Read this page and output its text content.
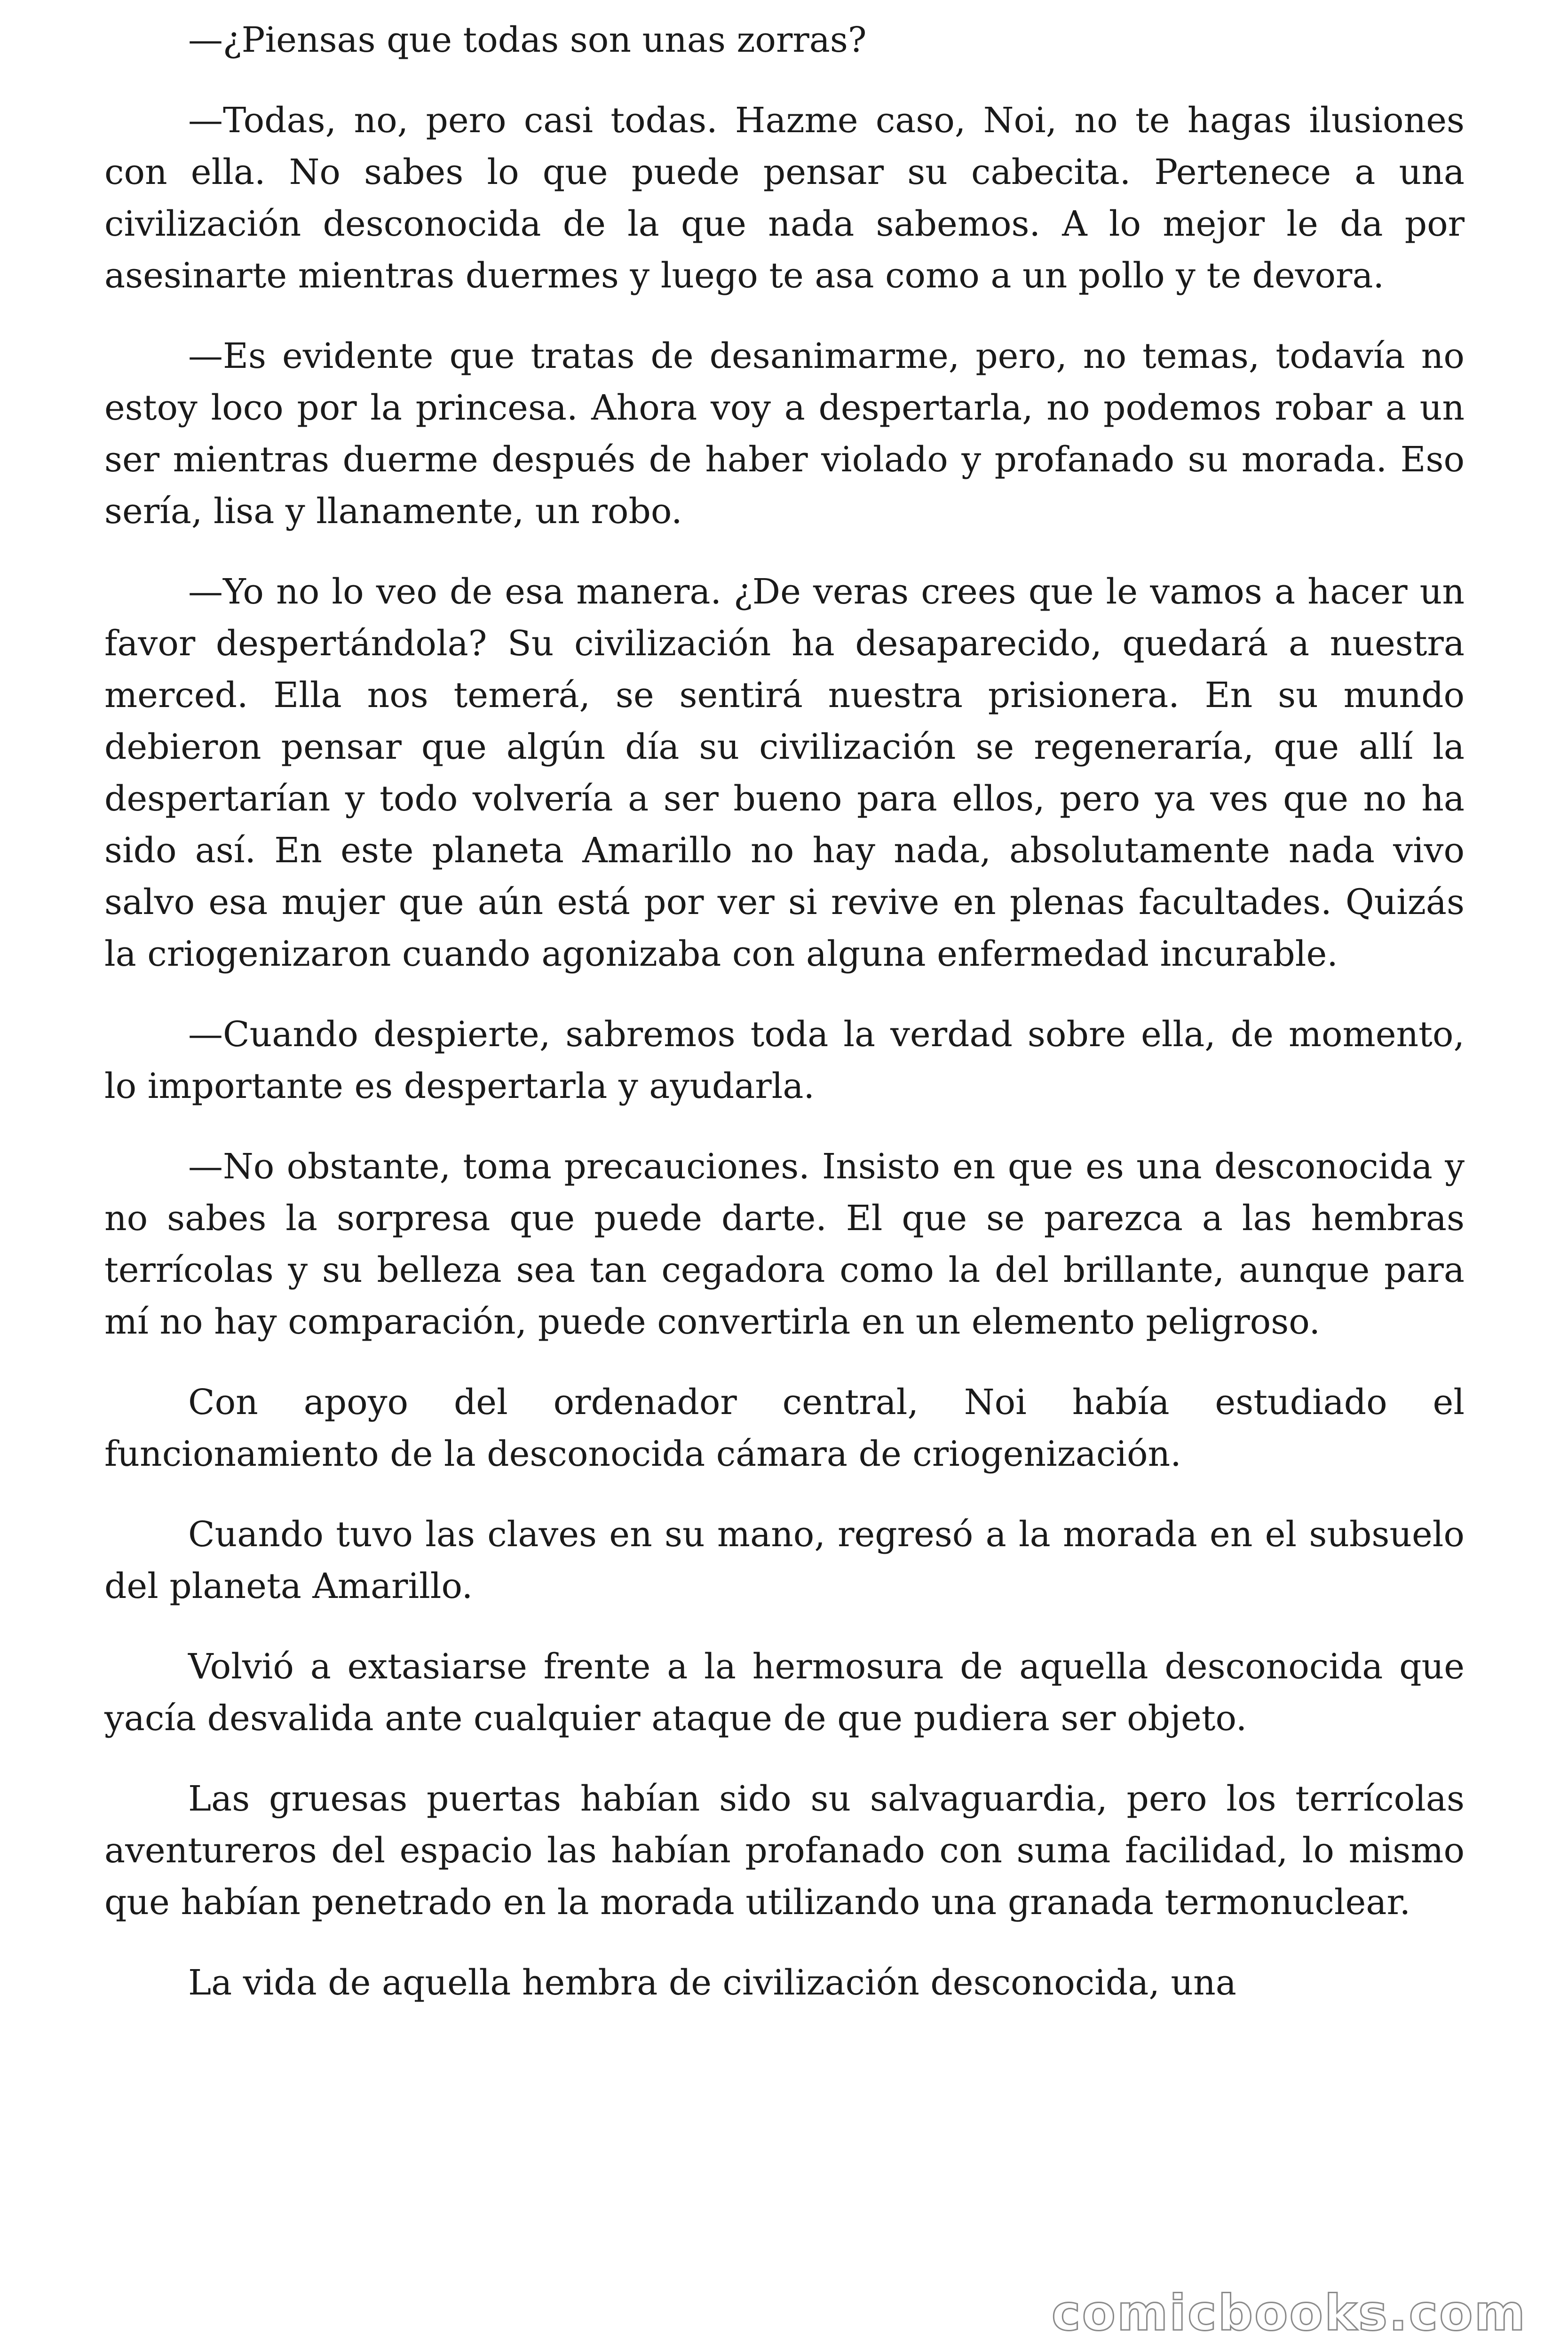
—¿Piensas que todas son unas zorras?

—Todas, no, pero casi todas. Hazme caso, Noi, no te hagas ilusiones con ella. No sabes lo que puede pensar su cabecita. Pertenece a una civilización desconocida de la que nada sabemos. A lo mejor le da por asesinarte mientras duermes y luego te asa como a un pollo y te devora.

—Es evidente que tratas de desanimarme, pero, no temas, todavía no estoy loco por la princesa. Ahora voy a despertarla, no podemos robar a un ser mientras duerme después de haber violado y profanado su morada. Eso sería, lisa y llanamente, un robo.

—Yo no lo veo de esa manera. ¿De veras crees que le vamos a hacer un favor despertándola? Su civilización ha desaparecido, quedará a nuestra merced. Ella nos temerá, se sentirá nuestra prisionera. En su mundo debieron pensar que algún día su civilización se regeneraría, que allí la despertarían y todo volvería a ser bueno para ellos, pero ya ves que no ha sido así. En este planeta Amarillo no hay nada, absolutamente nada vivo salvo esa mujer que aún está por ver si revive en plenas facultades. Quizás la criogenizaron cuando agonizaba con alguna enfermedad incurable.

—Cuando despierte, sabremos toda la verdad sobre ella, de momento, lo importante es despertarla y ayudarla.

—No obstante, toma precauciones. Insisto en que es una desconocida y no sabes la sorpresa que puede darte. El que se parezca a las hembras terrícolas y su belleza sea tan cegadora como la del brillante, aunque para mí no hay comparación, puede convertirla en un elemento peligroso.

Con apoyo del ordenador central, Noi había estudiado el funcionamiento de la desconocida cámara de criogenización.

Cuando tuvo las claves en su mano, regresó a la morada en el subsuelo del planeta Amarillo.

Volvió a extasiarse frente a la hermosura de aquella desconocida que yacía desvalida ante cualquier ataque de que pudiera ser objeto.

Las gruesas puertas habían sido su salvaguardia, pero los terrícolas aventureros del espacio las habían profanado con suma facilidad, lo mismo que habían penetrado en la morada utilizando una granada termonuclear.

La vida de aquella hembra de civilización desconocida, una

comicbooks.com
